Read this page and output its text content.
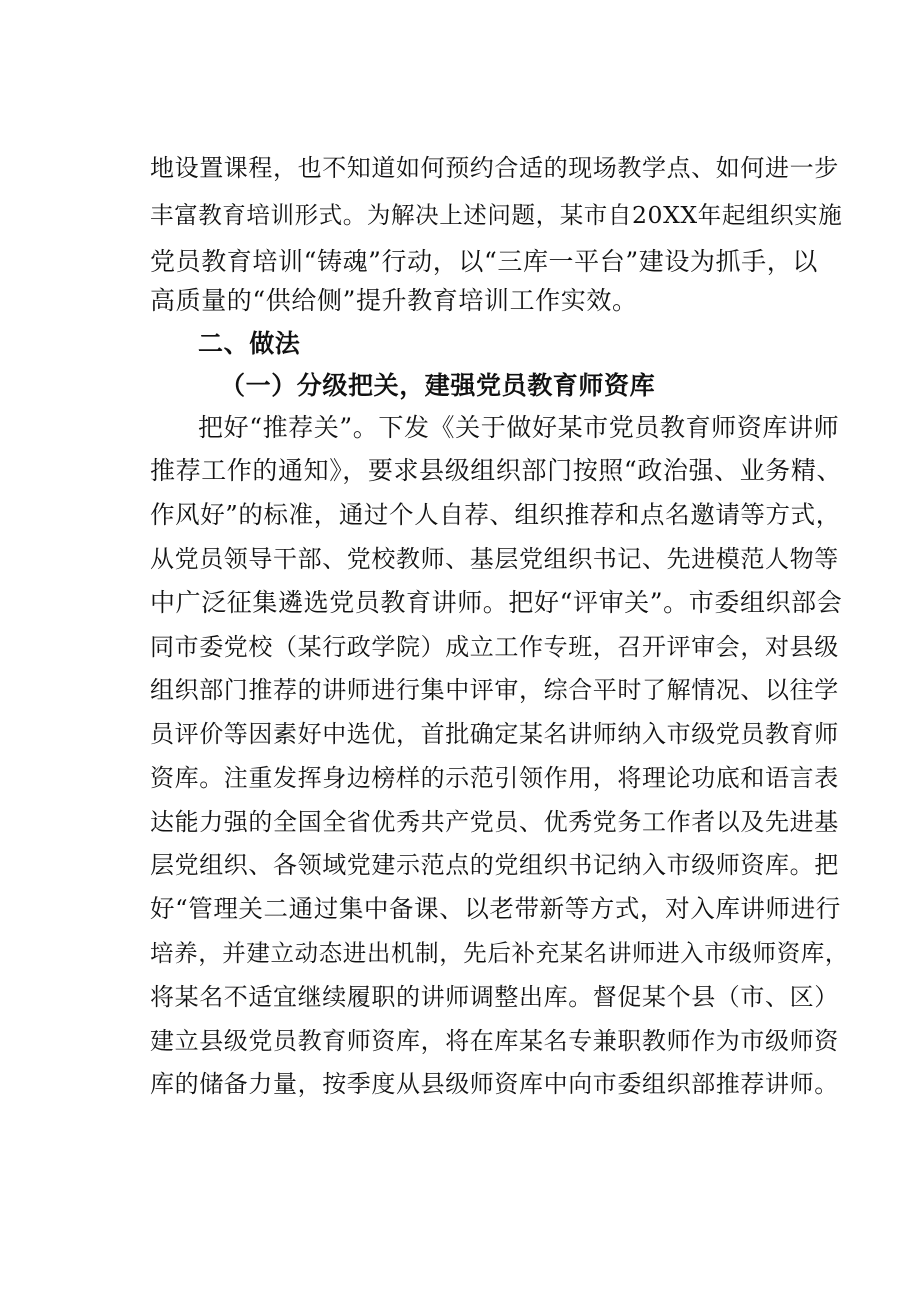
地设置课程，也不知道如何预约合适的现场教学点、如何进一步
丰富教育培训形式。为解决上述问题，某市自20XX年起组织实施
党员教育培训“铸魂”行动，以“三库一平台”建设为抓手，以
高质量的“供给侧”提升教育培训工作实效。
二、做法
（一）分级把关，建强党员教育师资库
把好“推荐关”。下发《关于做好某市党员教育师资库讲师
推荐工作的通知》，要求县级组织部门按照“政治强、业务精、
作风好”的标准，通过个人自荐、组织推荐和点名邀请等方式，
从党员领导干部、党校教师、基层党组织书记、先进模范人物等
中广泛征集遴选党员教育讲师。把好“评审关”。市委组织部会
同市委党校（某行政学院）成立工作专班，召开评审会，对县级
组织部门推荐的讲师进行集中评审，综合平时了解情况、以往学
员评价等因素好中选优，首批确定某名讲师纳入市级党员教育师
资库。注重发挥身边榜样的示范引领作用，将理论功底和语言表
达能力强的全国全省优秀共产党员、优秀党务工作者以及先进基
层党组织、各领域党建示范点的党组织书记纳入市级师资库。把
好“管理关二通过集中备课、以老带新等方式，对入库讲师进行
培养，并建立动态进出机制，先后补充某名讲师进入市级师资库，
将某名不适宜继续履职的讲师调整出库。督促某个县（市、区）
建立县级党员教育师资库，将在库某名专兼职教师作为市级师资
库的储备力量，按季度从县级师资库中向市委组织部推荐讲师。
